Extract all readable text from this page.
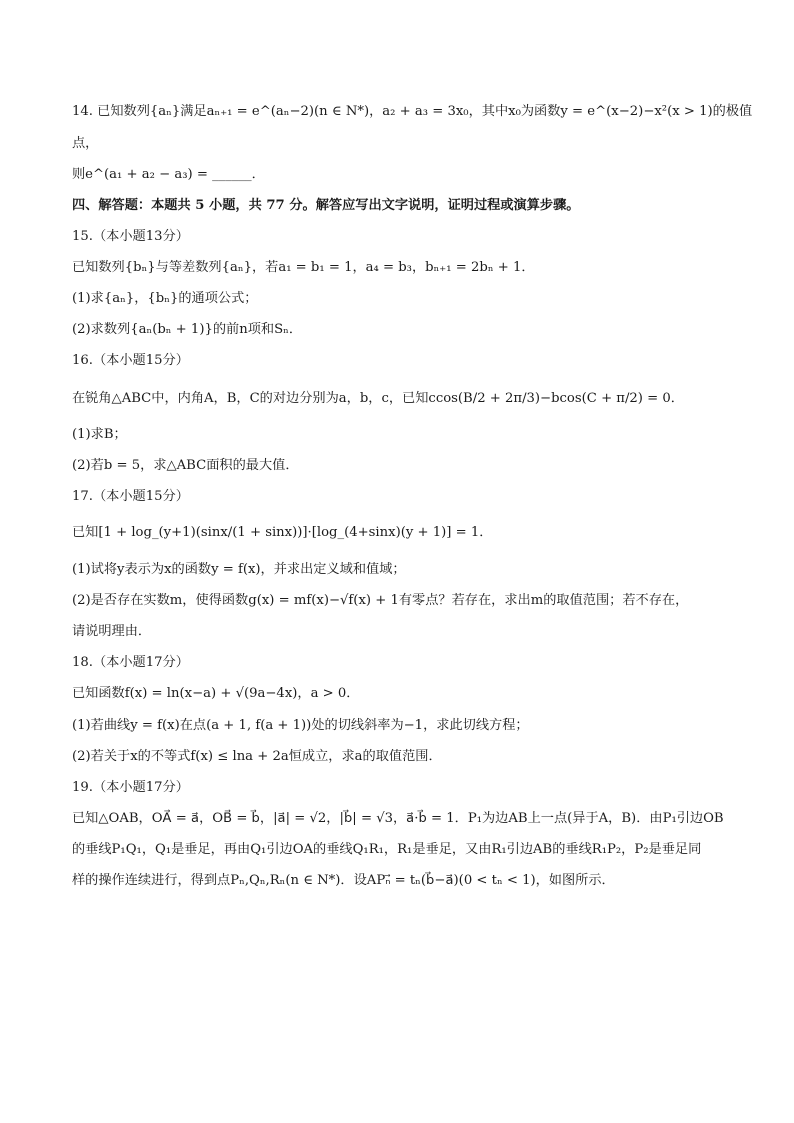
14. 已知数列{aₙ}满足aₙ₊₁ = e^(aₙ−2)(n ∈ N*)，a₂ + a₃ = 3x₀，其中x₀为函数y = e^(x−2)−x²(x > 1)的极值
点，
则e^(a₁ + a₂ − a₃) = ______．
四、解答题：本题共 5 小题，共 77 分。解答应写出文字说明，证明过程或演算步骤。
15.（本小题13分）
已知数列{bₙ}与等差数列{aₙ}，若a₁ = b₁ = 1，a₄ = b₃，bₙ₊₁ = 2bₙ + 1．
(1)求{aₙ}，{bₙ}的通项公式；
(2)求数列{aₙ(bₙ + 1)}的前n项和Sₙ．
16.（本小题15分）
在锐角△ABC中，内角A，B，C的对边分别为a，b，c，已知ccos(B/2 + 2π/3)−bcos(C + π/2) = 0．
(1)求B；
(2)若b = 5，求△ABC面积的最大值．
17.（本小题15分）
已知[1 + log_(y+1)(sinx/(1 + sinx))]·[log_(4+sinx)(y + 1)] = 1．
(1)试将y表示为x的函数y = f(x)，并求出定义域和值域；
(2)是否存在实数m，使得函数g(x) = mf(x)−√f(x) + 1有零点？若存在，求出m的取值范围；若不存在，
请说明理由．
18.（本小题17分）
已知函数f(x) = ln(x−a) + √(9a−4x)，a > 0．
(1)若曲线y = f(x)在点(a + 1, f(a + 1))处的切线斜率为−1，求此切线方程；
(2)若关于x的不等式f(x) ≤ lna + 2a恒成立，求a的取值范围．
19.（本小题17分）
已知△OAB，OA⃗ = a⃗，OB⃗ = b⃗，|a⃗| = √2，|b⃗| = √3，a⃗·b⃗ = 1．P₁为边AB上一点(异于A，B)．由P₁引边OB
的垂线P₁Q₁，Q₁是垂足，再由Q₁引边OA的垂线Q₁R₁，R₁是垂足，又由R₁引边AB的垂线R₁P₂，P₂是垂足同
样的操作连续进行，得到点Pₙ,Qₙ,Rₙ(n ∈ N*)．设APₙ⃗ = tₙ(b⃗−a⃗)(0 < tₙ < 1)，如图所示．
